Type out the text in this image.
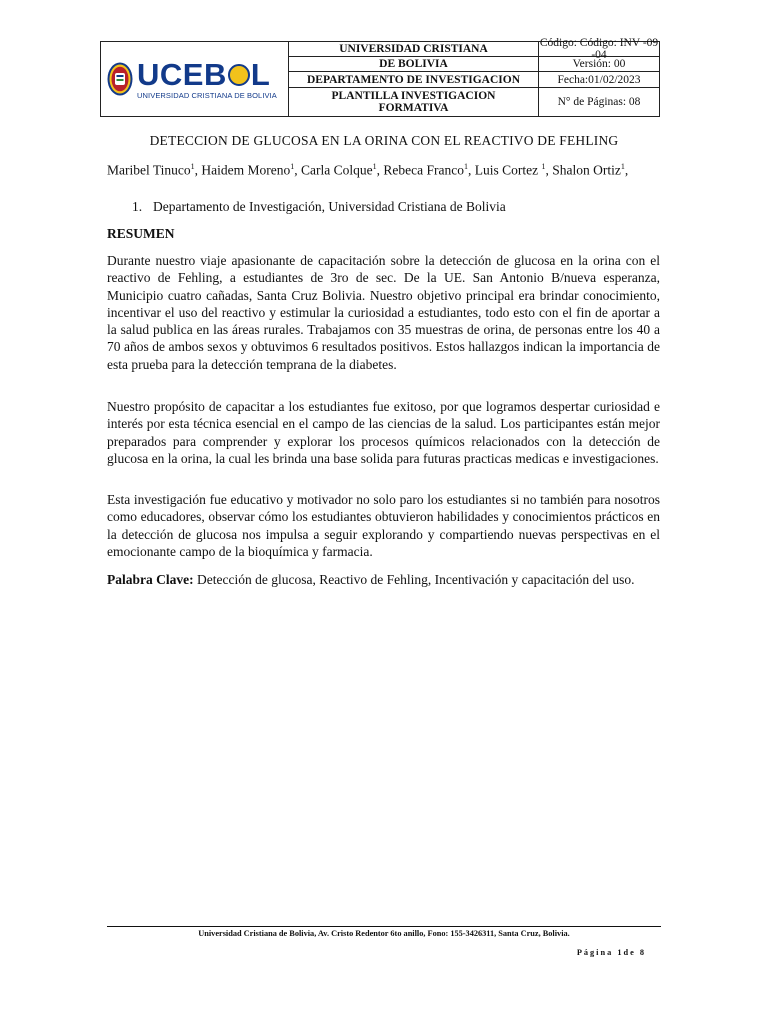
UCEB L
UNIVERSIDAD CRISTIANA DE BOLIVIA
UNIVERSIDAD CRISTIANA
DE BOLIVIA
DEPARTAMENTO DE INVESTIGACION
PLANTILLA INVESTIGACION
FORMATIVA
Código: Código: INV -09 -04
Versión: 00
Fecha:01/02/2023
N° de Páginas: 08
DETECCION DE GLUCOSA EN LA ORINA CON EL REACTIVO DE FEHLING
Maribel Tinuco$^1$, Haidem Moreno$^1$, Carla Colque$^1$, Rebeca Franco$^1$, Luis Cortez $^1$, Shalon Ortiz$^1$,
1. Departamento de Investigación, Universidad Cristiana de Bolivia
RESUMEN

Durante nuestro viaje apasionante de capacitación sobre la detección de glucosa en la orina con el reactivo de Fehling, a estudiantes de 3ro de sec. De la UE. San Antonio B/nueva esperanza, Municipio cuatro cañadas, Santa Cruz Bolivia. Nuestro objetivo principal era brindar conocimiento, incentivar el uso del reactivo y estimular la curiosidad a estudiantes, todo esto con el fin de aportar a la salud publica en las áreas rurales. Trabajamos con 35 muestras de orina, de personas entre los 40 a 70 años de ambos sexos y obtuvimos 6 resultados positivos. Estos hallazgos indican la importancia de esta prueba para la detección temprana de la diabetes.

Nuestro propósito de capacitar a los estudiantes fue exitoso, por que logramos despertar curiosidad e interés por esta técnica esencial en el campo de las ciencias de la salud. Los participantes están mejor preparados para comprender y explorar los procesos químicos relacionados con la detección de glucosa en la orina, la cual les brinda una base solida para futuras practicas medicas e investigaciones.

Esta investigación fue educativo y motivador no solo paro los estudiantes si no también para nosotros como educadores, observar cómo los estudiantes obtuvieron habilidades y conocimientos prácticos en la detección de glucosa nos impulsa a seguir explorando y compartiendo nuevas perspectivas en el emocionante campo de la bioquímica y farmacia.

Palabra Clave: Detección de glucosa, Reactivo de Fehling, Incentivación y capacitación del uso.

Universidad Cristiana de Bolivia, Av. Cristo Redentor 6to anillo, Fono: 155-3426311, Santa Cruz, Bolivia.
Página 1de 8
